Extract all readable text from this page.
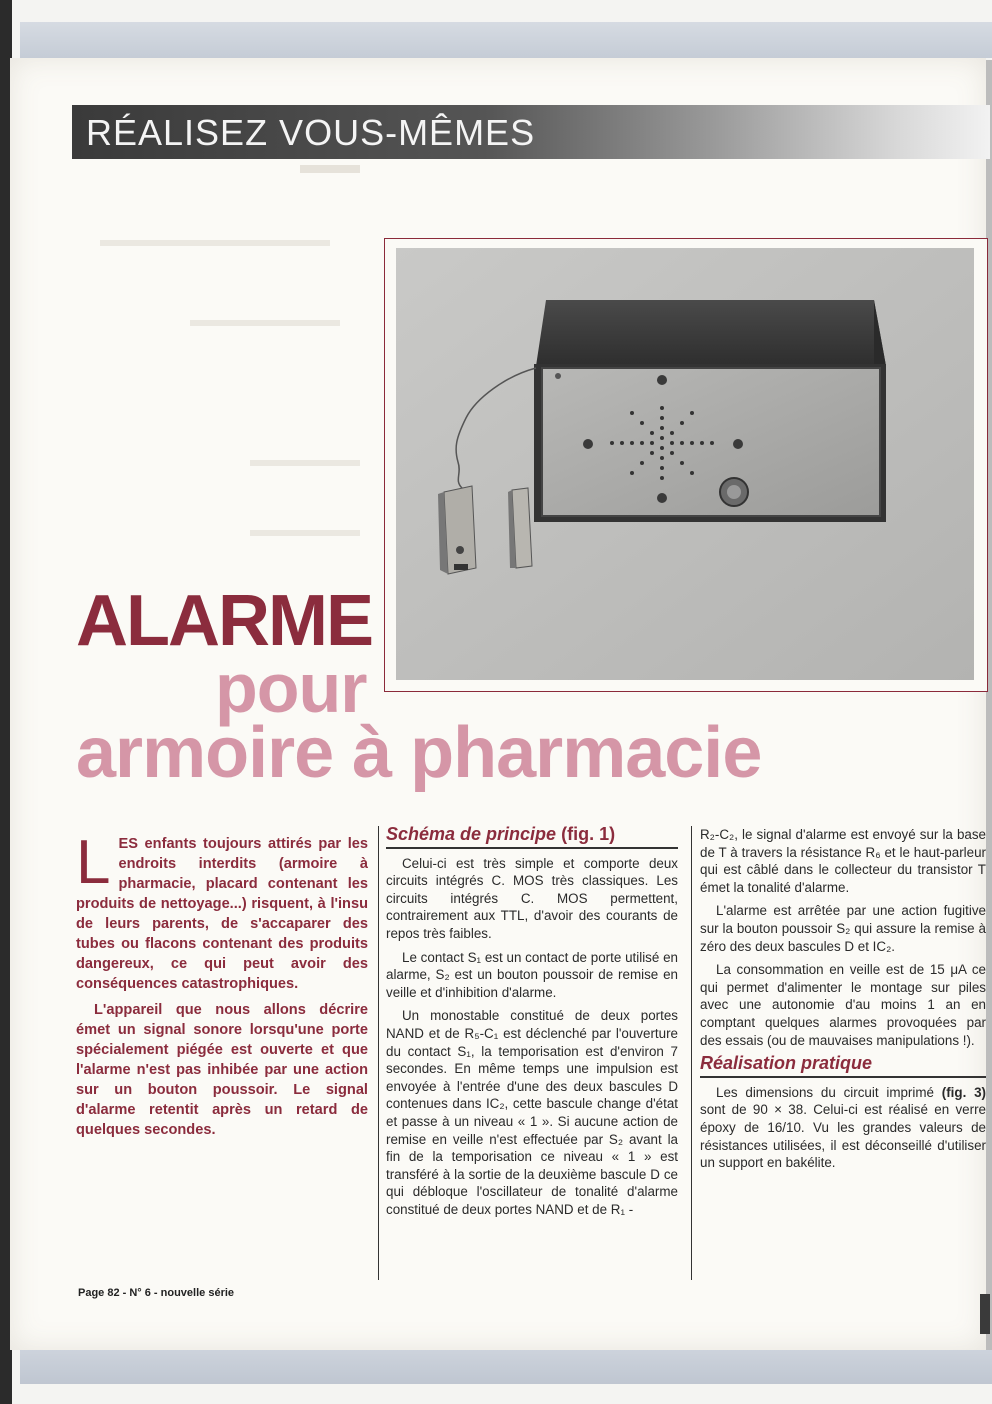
RÉALISEZ VOUS-MÊMES
ALARME
pour
armoire à pharmacie

LES enfants toujours attirés par les endroits interdits (armoire à pharmacie, placard contenant les produits de nettoyage...) risquent, à l'insu de leurs parents, de s'accaparer des tubes ou flacons contenant des produits dangereux, ce qui peut avoir des conséquences catastrophiques.

L'appareil que nous allons décrire émet un signal sonore lorsqu'une porte spécialement piégée est ouverte et que l'alarme n'est pas inhibée par une action sur un bouton poussoir. Le signal d'alarme retentit après un retard de quelques secondes.

Schéma de principe (fig. 1)

Celui-ci est très simple et comporte deux circuits intégrés C. MOS très classiques. Les circuits intégrés C. MOS permettent, contrairement aux TTL, d'avoir des courants de repos très faibles.

Le contact S₁ est un contact de porte utilisé en alarme, S₂ est un bouton poussoir de remise en veille et d'inhibition d'alarme.

Un monostable constitué de deux portes NAND et de R₅-C₁ est déclenché par l'ouverture du contact S₁, la temporisation est d'environ 7 secondes. En même temps une impulsion est envoyée à l'entrée d'une des deux bascules D contenues dans IC₂, cette bascule change d'état et passe à un niveau « 1 ». Si aucune action de remise en veille n'est effectuée par S₂ avant la fin de la temporisation ce niveau « 1 » est transféré à la sortie de la deuxième bascule D ce qui débloque l'oscillateur de tonalité d'alarme constitué de deux portes NAND et de R₁ -

R₂-C₂, le signal d'alarme est envoyé sur la base de T à travers la résistance R₆ et le haut-parleur qui est câblé dans le collecteur du transistor T émet la tonalité d'alarme.

L'alarme est arrêtée par une action fugitive sur la bouton poussoir S₂ qui assure la remise à zéro des deux bascules D et IC₂.

La consommation en veille est de 15 μA ce qui permet d'alimenter le montage sur piles avec une autonomie d'au moins 1 an en comptant quelques alarmes provoquées par des essais (ou de mauvaises manipulations !).

Réalisation pratique

Les dimensions du circuit imprimé (fig. 3) sont de 90 × 38. Celui-ci est réalisé en verre époxy de 16/10. Vu les grandes valeurs de résistances utilisées, il est déconseillé d'utiliser un support en bakélite.

Page 82 - N° 6 - nouvelle série
